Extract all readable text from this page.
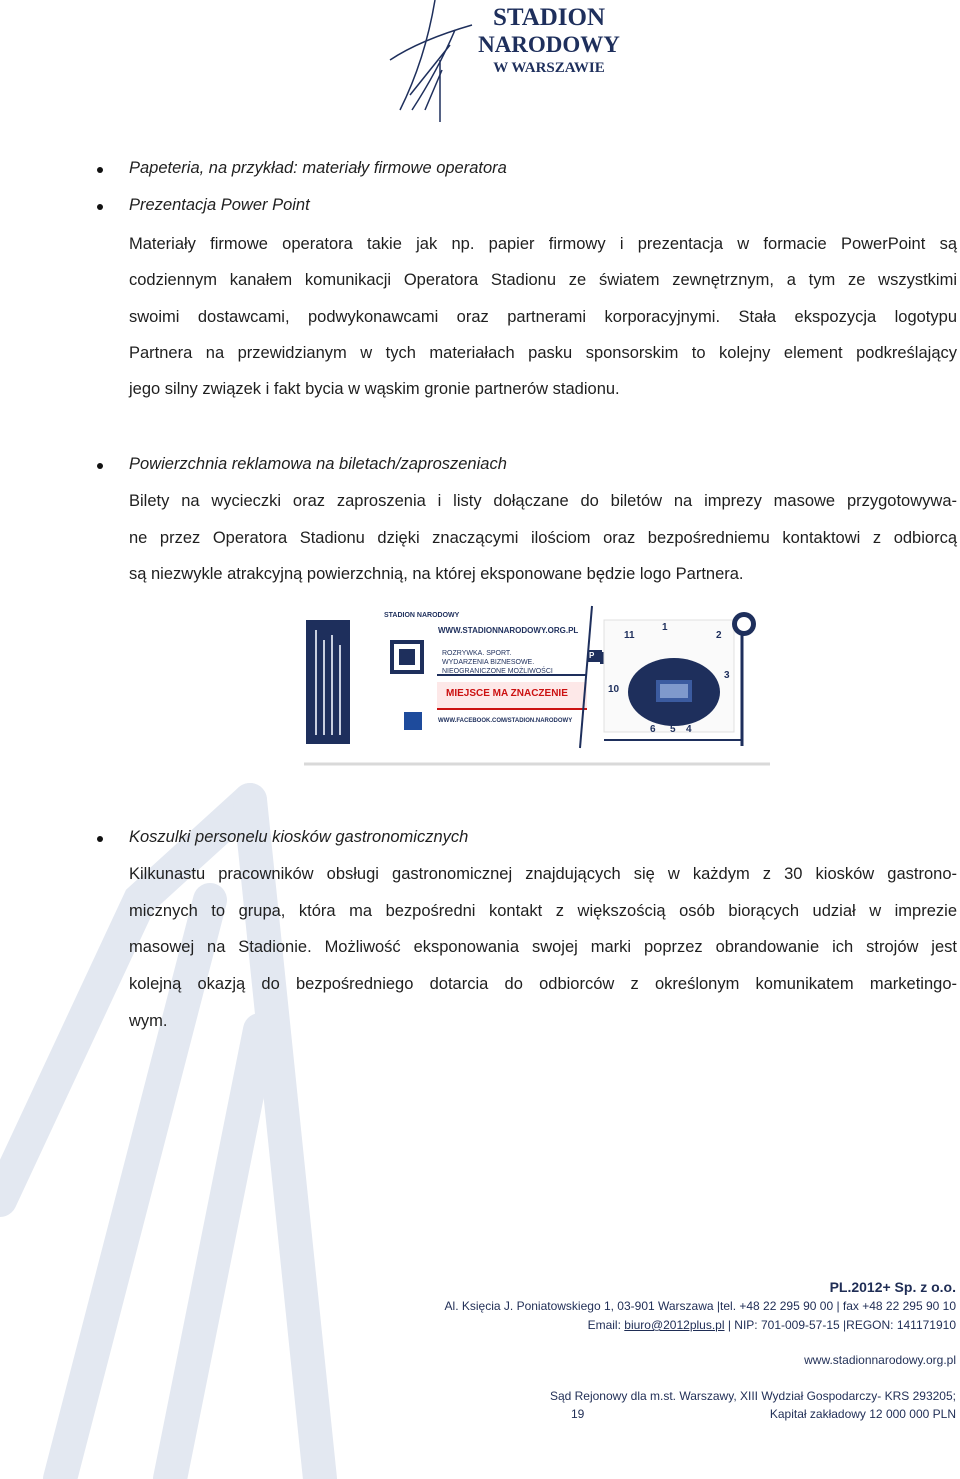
STADION
NARODOWY
W WARSZAWIE
Papeteria, na przykład: materiały firmowe operatora
Prezentacja Power Point
Materiały firmowe operatora takie jak np. papier firmowy i prezentacja w formacie PowerPoint są
codziennym kanałem komunikacji Operatora Stadionu ze światem zewnętrznym, a tym ze wszystkimi
swoimi dostawcami, podwykonawcami oraz partnerami korporacyjnymi. Stała ekspozycja logotypu
Partnera na przewidzianym w tych materiałach pasku sponsorskim to kolejny element podkreślający
jego silny związek i fakt bycia w wąskim gronie partnerów stadionu.
Powierzchnia reklamowa na biletach/zaproszeniach
Bilety na wycieczki oraz zaproszenia i listy dołączane do biletów na imprezy masowe przygotowywa-
ne przez Operatora Stadionu dzięki znaczącymi ilościom oraz bezpośredniemu kontaktowi z odbiorcą
są niezwykle atrakcyjną powierzchnią, na której eksponowane będzie logo Partnera.
STADION NARODOWY
WWW.STADIONNARODOWY.ORG.PL
ROZRYWKA. SPORT.
WYDARZENIA BIZNESOWE.
NIEOGRANICZONE MOŻLIWOŚCI
MIEJSCE MA ZNACZENIE
WWW.FACEBOOK.COM/STADION.NARODOWY
P
11
1
2
3
10
6 5 4
Koszulki personelu kiosków gastronomicznych
Kilkunastu pracowników obsługi gastronomicznej znajdujących się w każdym z 30 kiosków gastrono-
micznych to grupa, która ma bezpośredni kontakt z większością osób biorących udział w imprezie
masowej na Stadionie. Możliwość eksponowania swojej marki poprzez obrandowanie ich strojów jest
kolejną okazją do bezpośredniego dotarcia do odbiorców z określonym komunikatem marketingo-
wym.
PL.2012+ Sp. z o.o.
Al. Księcia J. Poniatowskiego 1, 03-901 Warszawa |tel. +48 22 295 90 00 | fax +48 22 295 90 10
Email: biuro@2012plus.pl | NIP: 701-009-57-15 |REGON: 141171910
www.stadionnarodowy.org.pl
Sąd Rejonowy dla m.st. Warszawy, XIII Wydział Gospodarczy- KRS 293205;
19	Kapitał zakładowy 12 000 000 PLN
